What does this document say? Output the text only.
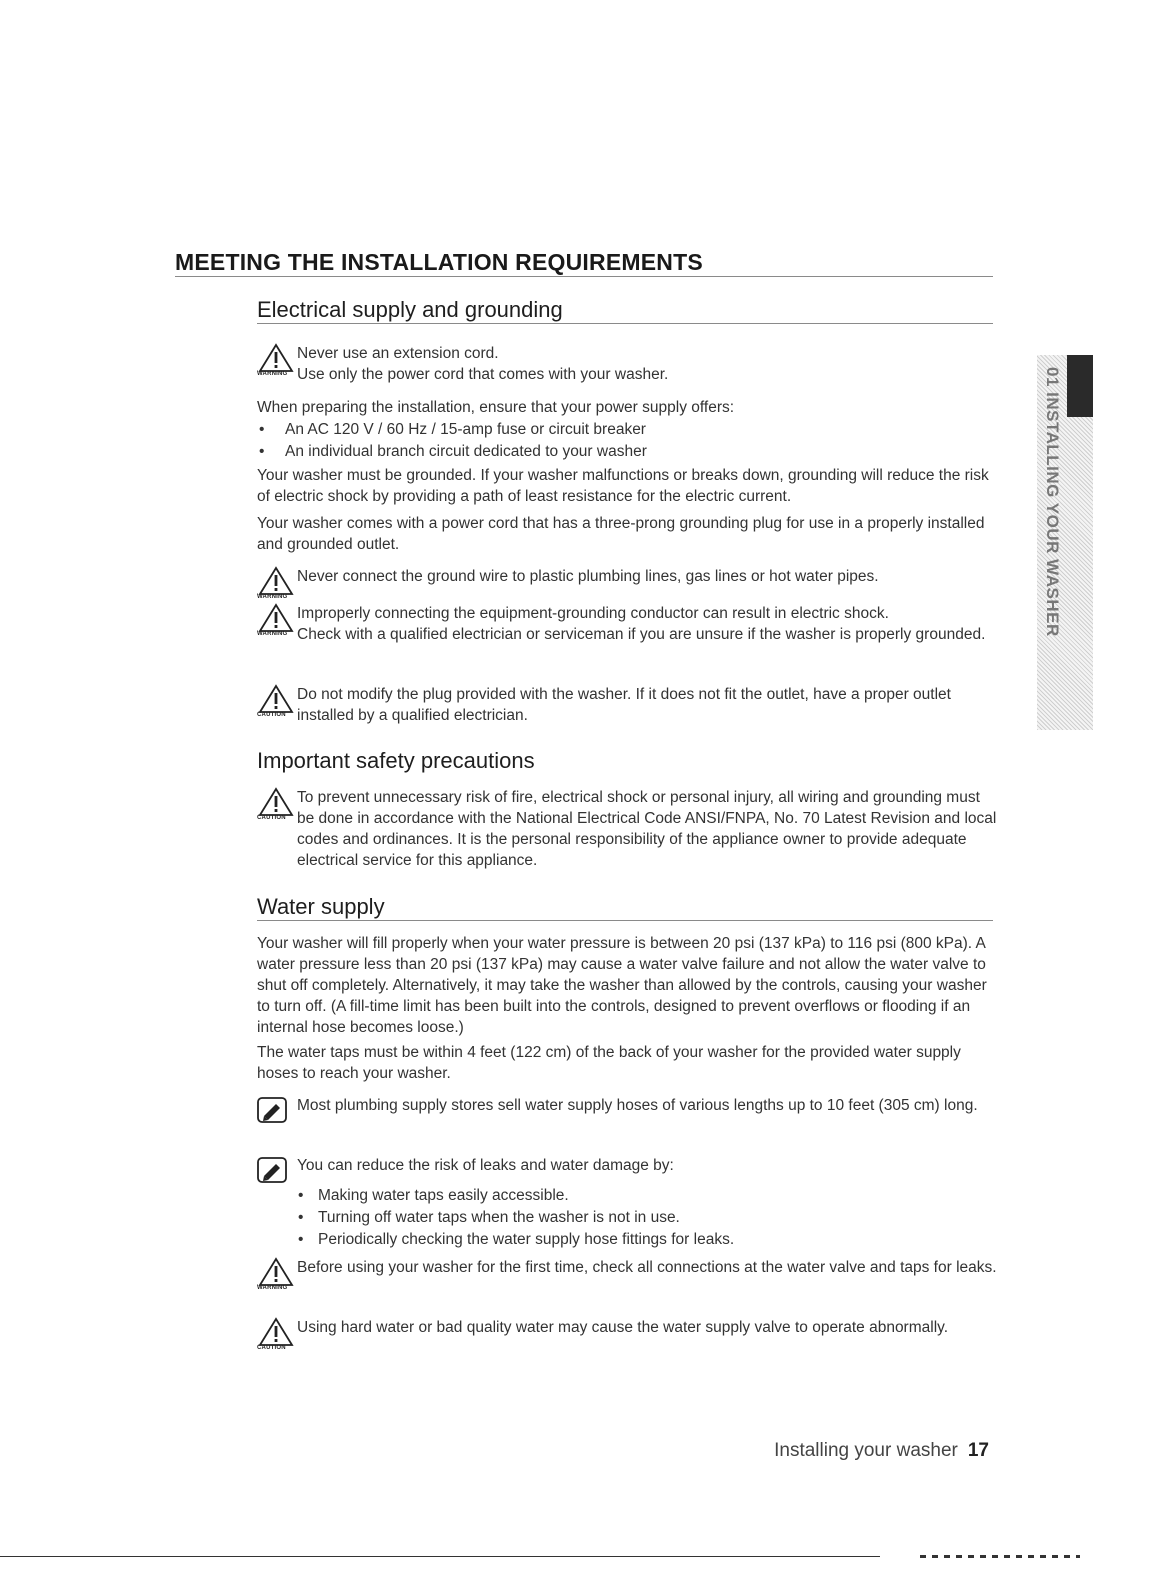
MEETING THE INSTALLATION REQUIREMENTS
Electrical supply and grounding
WARNING
Never use an extension cord.
Use only the power cord that comes with your washer.
When preparing the installation, ensure that your power supply offers:
• An AC 120 V / 60 Hz / 15-amp fuse or circuit breaker
• An individual branch circuit dedicated to your washer
Your washer must be grounded. If your washer malfunctions or breaks down, grounding will reduce the risk of electric shock by providing a path of least resistance for the electric current.
Your washer comes with a power cord that has a three-prong grounding plug for use in a properly installed and grounded outlet.
WARNING
Never connect the ground wire to plastic plumbing lines, gas lines or hot water pipes.
WARNING
Improperly connecting the equipment-grounding conductor can result in electric shock.
Check with a qualified electrician or serviceman if you are unsure if the washer is properly grounded.
CAUTION
Do not modify the plug provided with the washer. If it does not fit the outlet, have a proper outlet installed by a qualified electrician.
Important safety precautions
CAUTION
To prevent unnecessary risk of fire, electrical shock or personal injury, all wiring and grounding must be done in accordance with the National Electrical Code ANSI/FNPA, No. 70 Latest Revision and local codes and ordinances. It is the personal responsibility of the appliance owner to provide adequate electrical service for this appliance.
Water supply
Your washer will fill properly when your water pressure is between 20 psi (137 kPa) to 116 psi (800 kPa). A water pressure less than 20 psi (137 kPa) may cause a water valve failure and not allow the water valve to shut off completely. Alternatively, it may take the washer than allowed by the controls, causing your washer to turn off. (A fill-time limit has been built into the controls, designed to prevent overflows or flooding if an internal hose becomes loose.)
The water taps must be within 4 feet (122 cm) of the back of your washer for the provided water supply hoses to reach your washer.
Most plumbing supply stores sell water supply hoses of various lengths up to 10 feet (305 cm) long.
You can reduce the risk of leaks and water damage by:
• Making water taps easily accessible.
• Turning off water taps when the washer is not in use.
• Periodically checking the water supply hose fittings for leaks.
WARNING
Before using your washer for the first time, check all connections at the water valve and taps for leaks.
CAUTION
Using hard water or bad quality water may cause the water supply valve to operate abnormally.
01 INSTALLING YOUR WASHER
Installing your washer 17
